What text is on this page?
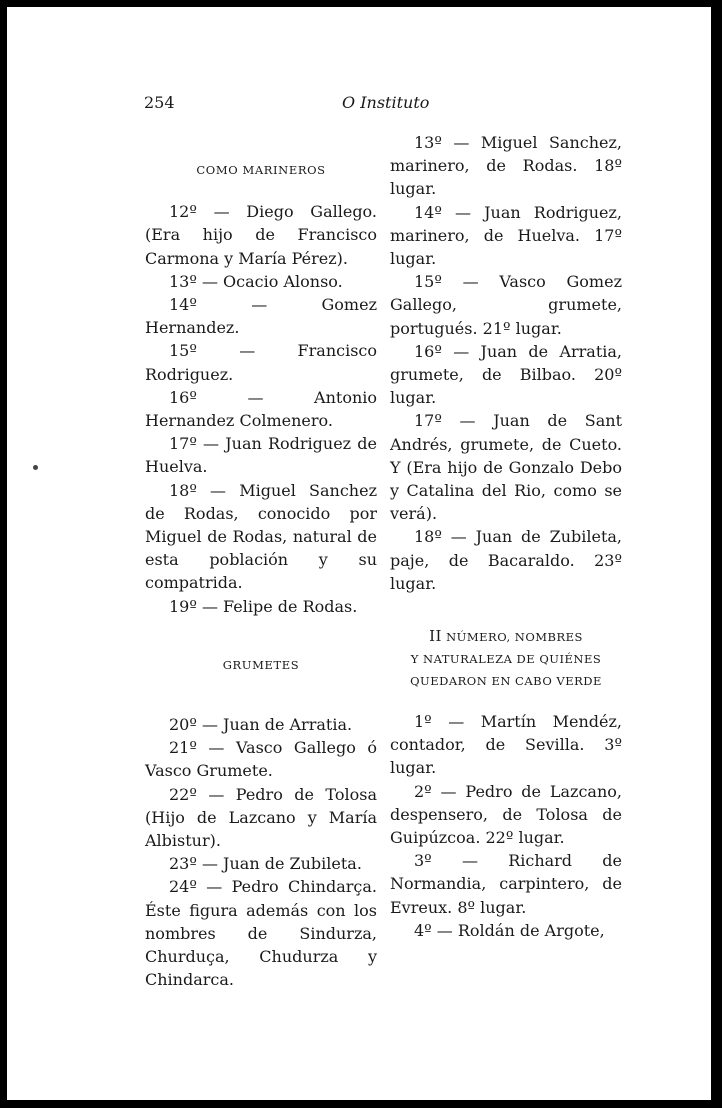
254	O Instituto

COMO MARINEROS

12º — Diego Gallego. (Era hijo de Francisco Carmona y María Pérez).

13º — Ocacio Alonso.

14º — Gomez Hernandez.

15º — Francisco Rodriguez.

16º — Antonio Hernandez Colmenero.

17º — Juan Rodriguez de Huelva.

18º — Miguel Sanchez de Rodas, conocido por Miguel de Rodas, natural de esta población y su compatrida.

19º — Felipe de Rodas.

GRUMETES

20º — Juan de Arratia.

21º — Vasco Gallego ó Vasco Grumete.

22º — Pedro de Tolosa (Hijo de Lazcano y María Albistur).

23º — Juan de Zubileta.

24º — Pedro Chindarça. Éste figura además con los nombres de Sindurza, Churduça, Chudurza y Chindarca.

13º — Miguel Sanchez, marinero, de Rodas. 18º lugar.

14º — Juan Rodriguez, marinero, de Huelva. 17º lugar.

15º — Vasco Gomez Gallego, grumete, portugués. 21º lugar.

16º — Juan de Arratia, grumete, de Bilbao. 20º lugar.

17º — Juan de Sant Andrés, grumete, de Cueto. Y (Era hijo de Gonzalo Debo y Catalina del Rio, como se verá).

18º — Juan de Zubileta, paje, de Bacaraldo. 23º lugar.

II NÚMERO, NOMBRES

Y NATURALEZA DE QUIÉNES

QUEDARON EN CABO VERDE

1º — Martín Mendéz, contador, de Sevilla. 3º lugar.

2º — Pedro de Lazcano, despensero, de Tolosa de Guipúzcoa. 22º lugar.

3º — Richard de Normandia, carpintero, de Evreux. 8º lugar.

4º — Roldán de Argote,
